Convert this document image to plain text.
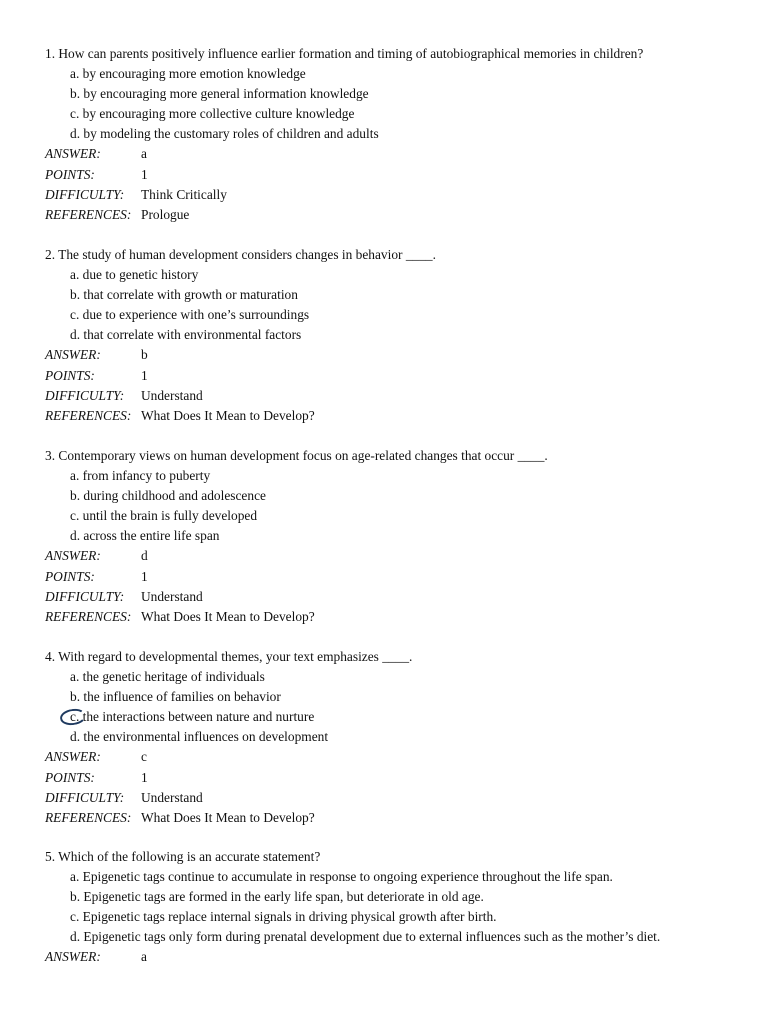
1. How can parents positively influence earlier formation and timing of autobiographical memories in children?
a. by encouraging more emotion knowledge
b. by encouraging more general information knowledge
c. by encouraging more collective culture knowledge
d. by modeling the customary roles of children and adults
ANSWER:	a
POINTS:	1
DIFFICULTY:	Think Critically
REFERENCES: Prologue
2. The study of human development considers changes in behavior ____.
a. due to genetic history
b. that correlate with growth or maturation
c. due to experience with one’s surroundings
d. that correlate with environmental factors
ANSWER:	b
POINTS:	1
DIFFICULTY:	Understand
REFERENCES: What Does It Mean to Develop?
3. Contemporary views on human development focus on age-related changes that occur ____.
a. from infancy to puberty
b. during childhood and adolescence
c. until the brain is fully developed
d. across the entire life span
ANSWER:	d
POINTS:	1
DIFFICULTY:	Understand
REFERENCES: What Does It Mean to Develop?
4. With regard to developmental themes, your text emphasizes ____.
a. the genetic heritage of individuals
b. the influence of families on behavior
c. the interactions between nature and nurture
d. the environmental influences on development
ANSWER:	c
POINTS:	1
DIFFICULTY:	Understand
REFERENCES: What Does It Mean to Develop?
5. Which of the following is an accurate statement?
a. Epigenetic tags continue to accumulate in response to ongoing experience throughout the life span.
b. Epigenetic tags are formed in the early life span, but deteriorate in old age.
c. Epigenetic tags replace internal signals in driving physical growth after birth.
d. Epigenetic tags only form during prenatal development due to external influences such as the mother’s diet.
ANSWER:	a
